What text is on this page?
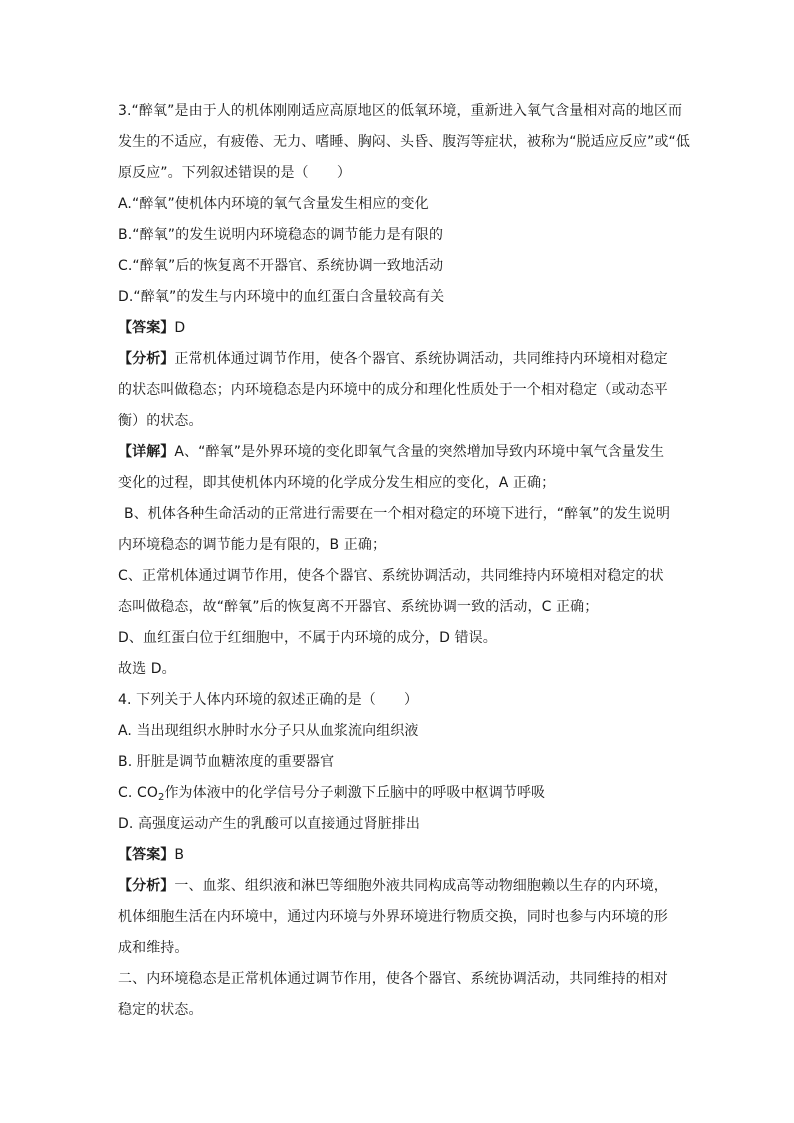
3.“醉氧”是由于人的机体刚刚适应高原地区的低氧环境，重新进入氧气含量相对高的地区而
发生的不适应，有疲倦、无力、嗜睡、胸闷、头昏、腹泻等症状，被称为“脱适应反应”或“低
原反应”。下列叙述错误的是（　　）
A.“醉氧”使机体内环境的氧气含量发生相应的变化
B.“醉氧”的发生说明内环境稳态的调节能力是有限的
C.“醉氧”后的恢复离不开器官、系统协调一致地活动
D.“醉氧”的发生与内环境中的血红蛋白含量较高有关
【答案】D
【分析】正常机体通过调节作用，使各个器官、系统协调活动，共同维持内环境相对稳定
的状态叫做稳态；内环境稳态是内环境中的成分和理化性质处于一个相对稳定（或动态平
衡）的状态。
【详解】A、“醉氧”是外界环境的变化即氧气含量的突然增加导致内环境中氧气含量发生
变化的过程，即其使机体内环境的化学成分发生相应的变化，A 正确；
B、机体各种生命活动的正常进行需要在一个相对稳定的环境下进行，“醉氧”的发生说明
内环境稳态的调节能力是有限的，B 正确；
C、正常机体通过调节作用，使各个器官、系统协调活动，共同维持内环境相对稳定的状
态叫做稳态，故“醉氧”后的恢复离不开器官、系统协调一致的活动，C 正确；
D、血红蛋白位于红细胞中，不属于内环境的成分，D 错误。
故选 D。
4. 下列关于人体内环境的叙述正确的是（　　）
A. 当出现组织水肿时水分子只从血浆流向组织液
B. 肝脏是调节血糖浓度的重要器官
C. $CO_2$作为体液中的化学信号分子刺激下丘脑中的呼吸中枢调节呼吸
D. 高强度运动产生的乳酸可以直接通过肾脏排出
【答案】B
【分析】一、血浆、组织液和淋巴等细胞外液共同构成高等动物细胞赖以生存的内环境，
机体细胞生活在内环境中，通过内环境与外界环境进行物质交换，同时也参与内环境的形
成和维持。
二、内环境稳态是正常机体通过调节作用，使各个器官、系统协调活动，共同维持的相对
稳定的状态。
